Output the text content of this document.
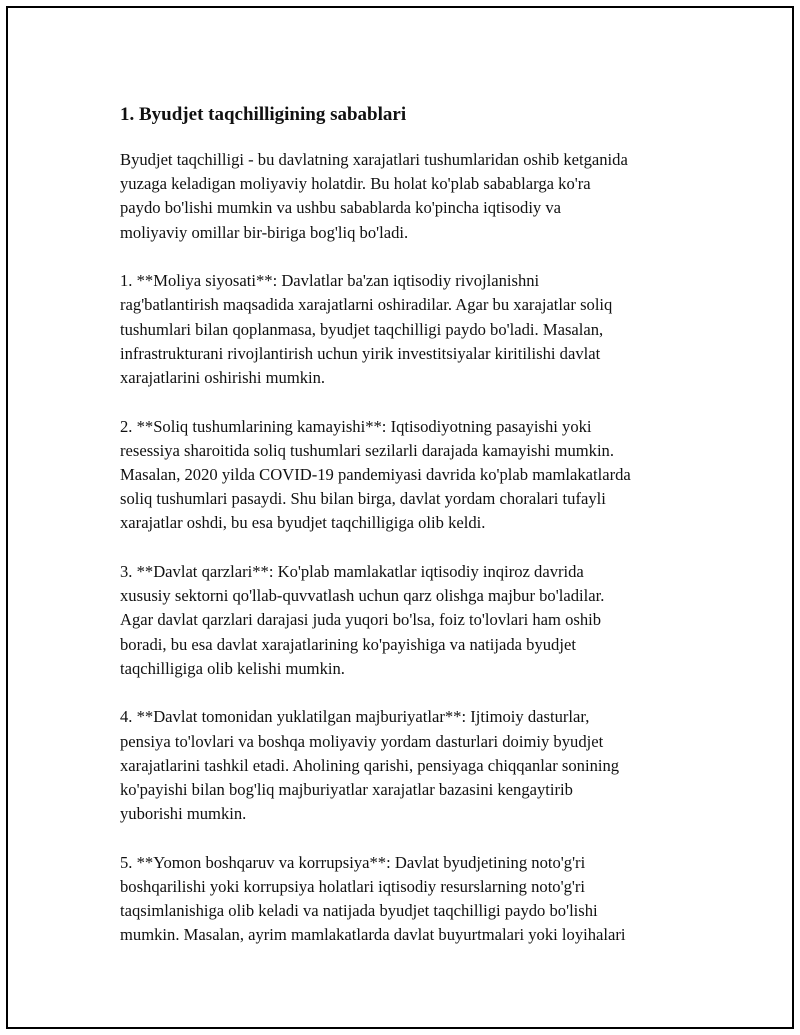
1. Byudjet taqchilligining sabablari
Byudjet taqchilligi - bu davlatning xarajatlari tushumlaridan oshib ketganida
yuzaga keladigan moliyaviy holatdir. Bu holat ko'plab sabablarga ko'ra
paydo bo'lishi mumkin va ushbu sabablarda ko'pincha iqtisodiy va
moliyaviy omillar bir-biriga bog'liq bo'ladi.
1. **Moliya siyosati**: Davlatlar ba'zan iqtisodiy rivojlanishni
rag'batlantirish maqsadida xarajatlarni oshiradilar. Agar bu xarajatlar soliq
tushumlari bilan qoplanmasa, byudjet taqchilligi paydo bo'ladi. Masalan,
infrastrukturani rivojlantirish uchun yirik investitsiyalar kiritilishi davlat
xarajatlarini oshirishi mumkin.
2. **Soliq tushumlarining kamayishi**: Iqtisodiyotning pasayishi yoki
resessiya sharoitida soliq tushumlari sezilarli darajada kamayishi mumkin.
Masalan, 2020 yilda COVID-19 pandemiyasi davrida ko'plab mamlakatlarda
soliq tushumlari pasaydi. Shu bilan birga, davlat yordam choralari tufayli
xarajatlar oshdi, bu esa byudjet taqchilligiga olib keldi.
3. **Davlat qarzlari**: Ko'plab mamlakatlar iqtisodiy inqiroz davrida
xususiy sektorni qo'llab-quvvatlash uchun qarz olishga majbur bo'ladilar.
Agar davlat qarzlari darajasi juda yuqori bo'lsa, foiz to'lovlari ham oshib
boradi, bu esa davlat xarajatlarining ko'payishiga va natijada byudjet
taqchilligiga olib kelishi mumkin.
4. **Davlat tomonidan yuklatilgan majburiyatlar**: Ijtimoiy dasturlar,
pensiya to'lovlari va boshqa moliyaviy yordam dasturlari doimiy byudjet
xarajatlarini tashkil etadi. Aholining qarishi, pensiyaga chiqqanlar sonining
ko'payishi bilan bog'liq majburiyatlar xarajatlar bazasini kengaytirib
yuborishi mumkin.
5. **Yomon boshqaruv va korrupsiya**: Davlat byudjetining noto'g'ri
boshqarilishi yoki korrupsiya holatlari iqtisodiy resurslarning noto'g'ri
taqsimlanishiga olib keladi va natijada byudjet taqchilligi paydo bo'lishi
mumkin. Masalan, ayrim mamlakatlarda davlat buyurtmalari yoki loyihalari
